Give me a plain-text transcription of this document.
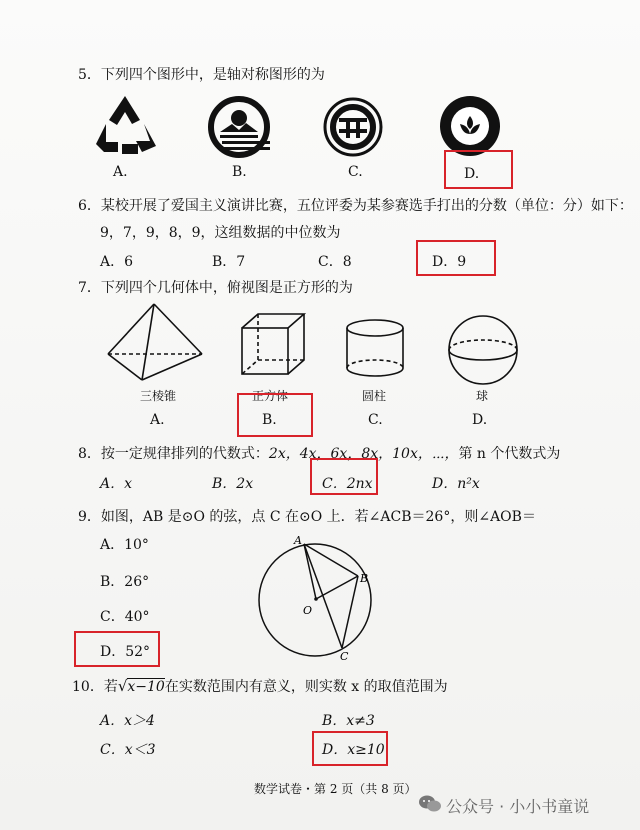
5．下列四个图形中，是轴对称图形的为
A.	B.	C.	D.
6．某校开展了爱国主义演讲比赛，五位评委为某参赛选手打出的分数（单位：分）如下：
9，7，9，8，9，这组数据的中位数为
A．6	B．7	C．8	D．9
7．下列四个几何体中，俯视图是正方形的为
三棱锥	正方体	圆柱	球
A.	B.	C.	D.
8．按一定规律排列的代数式：2x，4x，6x，8x，10x，⋯，第 n 个代数式为
A．x	B．2x	C．2nx	D．n²x
9．如图，AB 是⊙O 的弦，点 C 在⊙O 上．若∠ACB＝26°，则∠AOB＝
A．10°
B．26°
C．40°
D．52°
A
B
O
C
10．若√x−10在实数范围内有意义，则实数 x 的取值范围为
A．x＞4	B．x≠3
C．x＜3	D．x≥10
数学试卷・第 2 页（共 8 页）
公众号 · 小小书童说
